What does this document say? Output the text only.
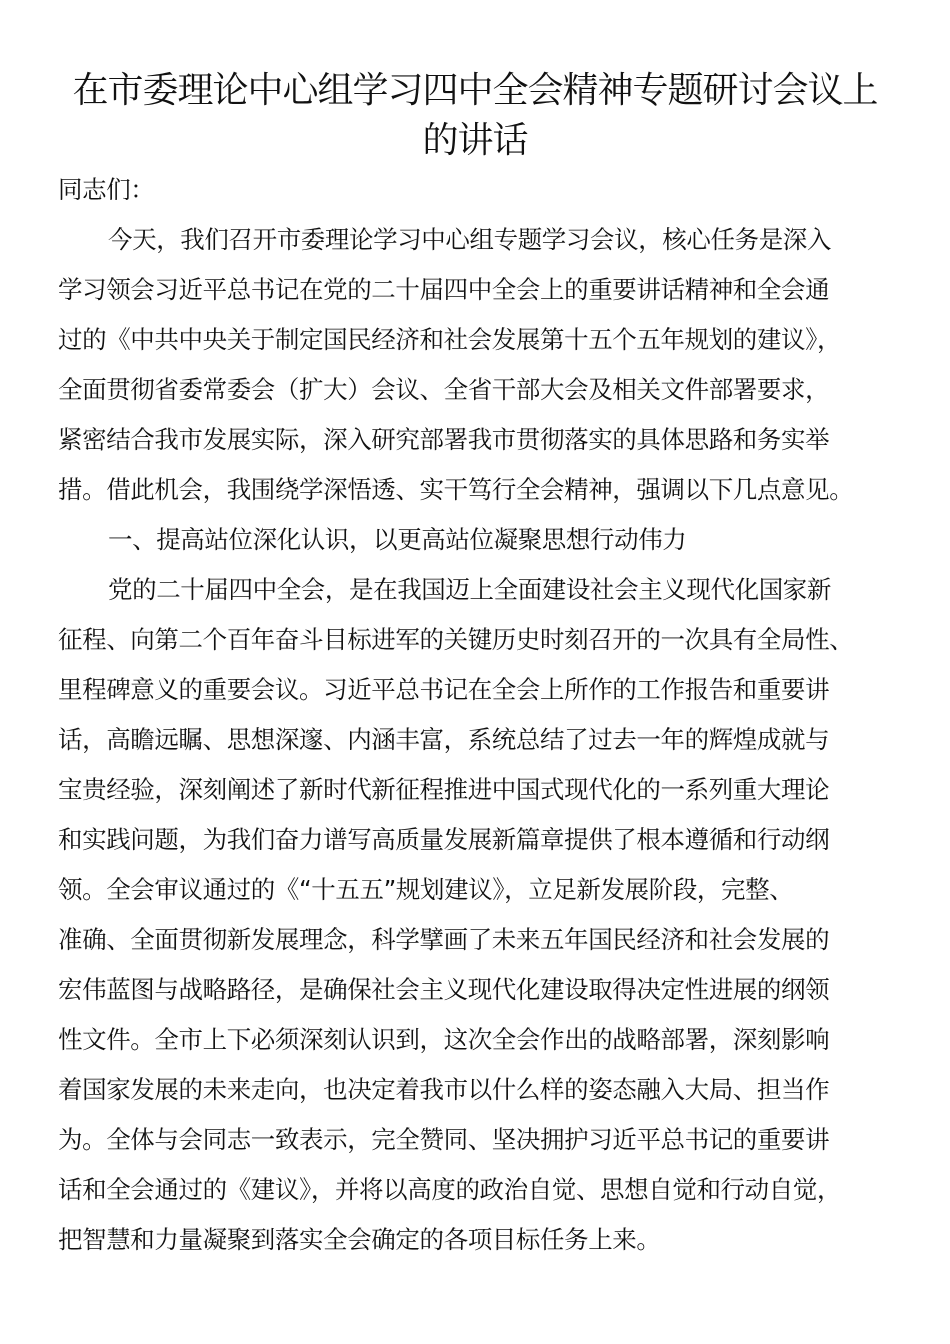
在市委理论中心组学习四中全会精神专题研讨会议上
的讲话
同志们：
今天，我们召开市委理论学习中心组专题学习会议，核心任务是深入
学习领会习近平总书记在党的二十届四中全会上的重要讲话精神和全会通
过的《中共中央关于制定国民经济和社会发展第十五个五年规划的建议》，
全面贯彻省委常委会（扩大）会议、全省干部大会及相关文件部署要求，
紧密结合我市发展实际，深入研究部署我市贯彻落实的具体思路和务实举
措。借此机会，我围绕学深悟透、实干笃行全会精神，强调以下几点意见。
一、提高站位深化认识，以更高站位凝聚思想行动伟力
党的二十届四中全会，是在我国迈上全面建设社会主义现代化国家新
征程、向第二个百年奋斗目标进军的关键历史时刻召开的一次具有全局性、
里程碑意义的重要会议。习近平总书记在全会上所作的工作报告和重要讲
话，高瞻远瞩、思想深邃、内涵丰富，系统总结了过去一年的辉煌成就与
宝贵经验，深刻阐述了新时代新征程推进中国式现代化的一系列重大理论
和实践问题，为我们奋力谱写高质量发展新篇章提供了根本遵循和行动纲
领。全会审议通过的《“十五五”规划建议》，立足新发展阶段，完整、
准确、全面贯彻新发展理念，科学擘画了未来五年国民经济和社会发展的
宏伟蓝图与战略路径，是确保社会主义现代化建设取得决定性进展的纲领
性文件。全市上下必须深刻认识到，这次全会作出的战略部署，深刻影响
着国家发展的未来走向，也决定着我市以什么样的姿态融入大局、担当作
为。全体与会同志一致表示，完全赞同、坚决拥护习近平总书记的重要讲
话和全会通过的《建议》，并将以高度的政治自觉、思想自觉和行动自觉，
把智慧和力量凝聚到落实全会确定的各项目标任务上来。
